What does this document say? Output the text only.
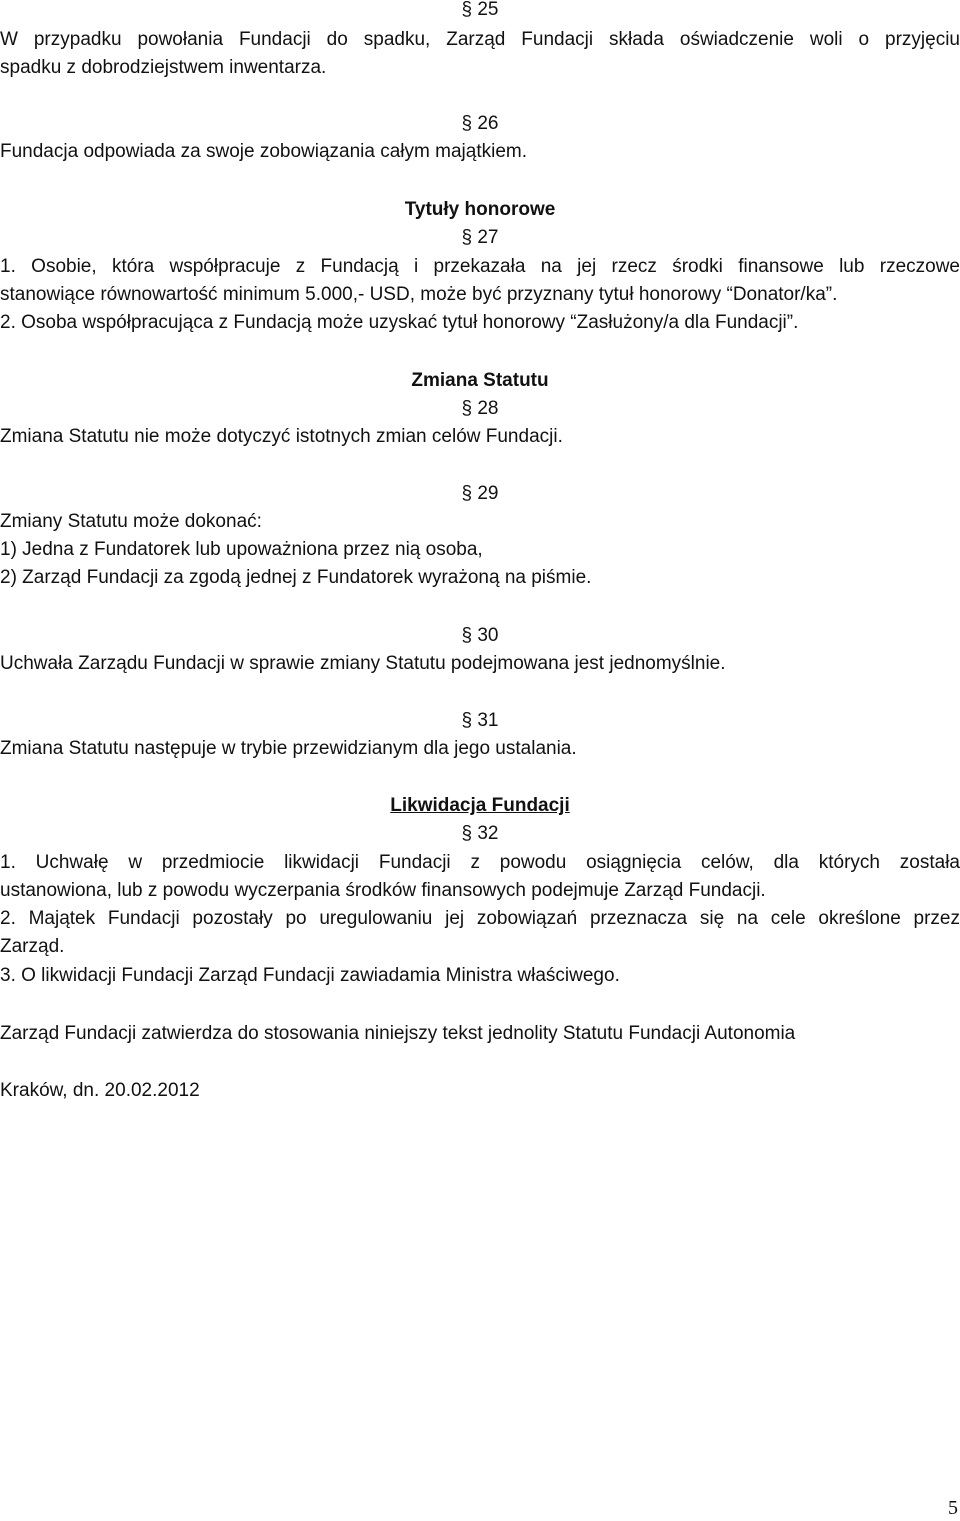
§ 25
W przypadku powołania Fundacji do spadku, Zarząd Fundacji składa oświadczenie woli o przyjęciu
spadku z dobrodziejstwem inwentarza.
§ 26
Fundacja odpowiada za swoje zobowiązania całym majątkiem.
Tytuły honorowe
§ 27
1. Osobie, która współpracuje z Fundacją i przekazała na jej rzecz środki finansowe lub rzeczowe
stanowiące równowartość minimum 5.000,- USD, może być przyznany tytuł honorowy “Donator/ka”.
2. Osoba współpracująca z Fundacją może uzyskać tytuł honorowy “Zasłużony/a dla Fundacji”.
Zmiana Statutu
§ 28
Zmiana Statutu nie może dotyczyć istotnych zmian celów Fundacji.
§ 29
Zmiany Statutu może dokonać:
1) Jedna z Fundatorek lub upoważniona przez nią osoba,
2) Zarząd Fundacji za zgodą jednej z Fundatorek wyrażoną na piśmie.
§ 30
Uchwała Zarządu Fundacji w sprawie zmiany Statutu podejmowana jest jednomyślnie.
§ 31
Zmiana Statutu następuje w trybie przewidzianym dla jego ustalania.
Likwidacja Fundacji
§ 32
1. Uchwałę w przedmiocie likwidacji Fundacji z powodu osiągnięcia celów, dla których została
ustanowiona, lub z powodu wyczerpania środków finansowych podejmuje Zarząd Fundacji.
2. Majątek Fundacji pozostały po uregulowaniu jej zobowiązań przeznacza się na cele określone przez
Zarząd.
3. O likwidacji Fundacji Zarząd Fundacji zawiadamia Ministra właściwego.
Zarząd Fundacji zatwierdza do stosowania niniejszy tekst jednolity Statutu Fundacji Autonomia
Kraków, dn. 20.02.2012
5
